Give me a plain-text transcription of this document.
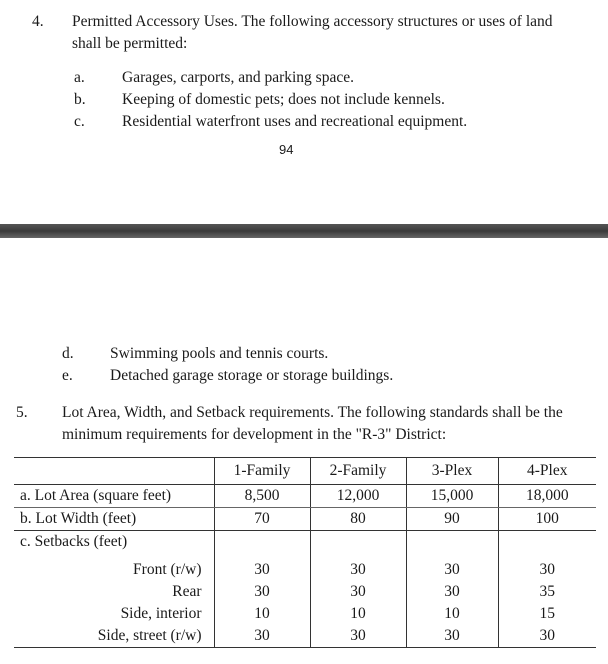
4. Permitted Accessory Uses. The following accessory structures or uses of land
shall be permitted:
a. Garages, carports, and parking space.
b. Keeping of domestic pets; does not include kennels.
c. Residential waterfront uses and recreational equipment.
94
d. Swimming pools and tennis courts.
e. Detached garage storage or storage buildings.
5. Lot Area, Width, and Setback requirements. The following standards shall be the
minimum requirements for development in the "R-3" District:
	1-Family	2-Family	3-Plex	4-Plex
a. Lot Area (square feet)	8,500	12,000	15,000	18,000
b. Lot Width (feet)	70	80	90	100
c. Setbacks (feet)				
Front (r/w)	30	30	30	30
Rear	30	30	30	35
Side, interior	10	10	10	15
Side, street (r/w)	30	30	30	30
